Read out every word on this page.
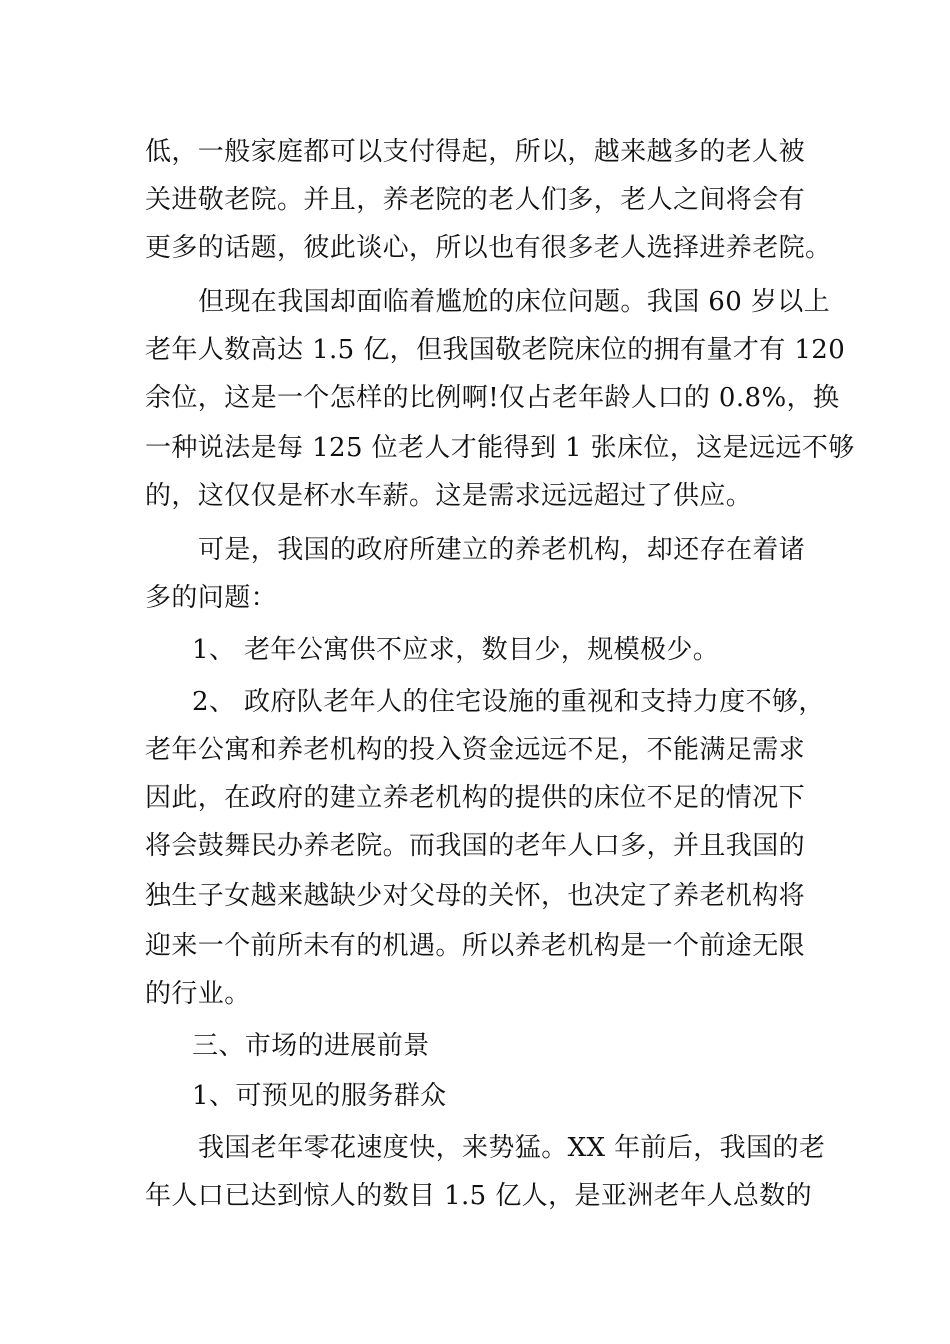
低，一般家庭都可以支付得起，所以，越来越多的老人被
关进敬老院。并且，养老院的老人们多，老人之间将会有
更多的话题，彼此谈心，所以也有很多老人选择进养老院。
但现在我国却面临着尴尬的床位问题。我国 60 岁以上
老年人数高达 1.5 亿，但我国敬老院床位的拥有量才有 120
余位，这是一个怎样的比例啊!仅占老年龄人口的 0.8%，换
一种说法是每 125 位老人才能得到 1 张床位，这是远远不够
的，这仅仅是杯水车薪。这是需求远远超过了供应。
可是，我国的政府所建立的养老机构，却还存在着诸
多的问题：
1、 老年公寓供不应求，数目少，规模极少。
2、 政府队老年人的住宅设施的重视和支持力度不够，
老年公寓和养老机构的投入资金远远不足，不能满足需求
因此，在政府的建立养老机构的提供的床位不足的情况下
将会鼓舞民办养老院。而我国的老年人口多，并且我国的
独生子女越来越缺少对父母的关怀，也决定了养老机构将
迎来一个前所未有的机遇。所以养老机构是一个前途无限
的行业。
三、市场的进展前景
1、可预见的服务群众
我国老年零花速度快，来势猛。XX 年前后，我国的老
年人口已达到惊人的数目 1.5 亿人，是亚洲老年人总数的
